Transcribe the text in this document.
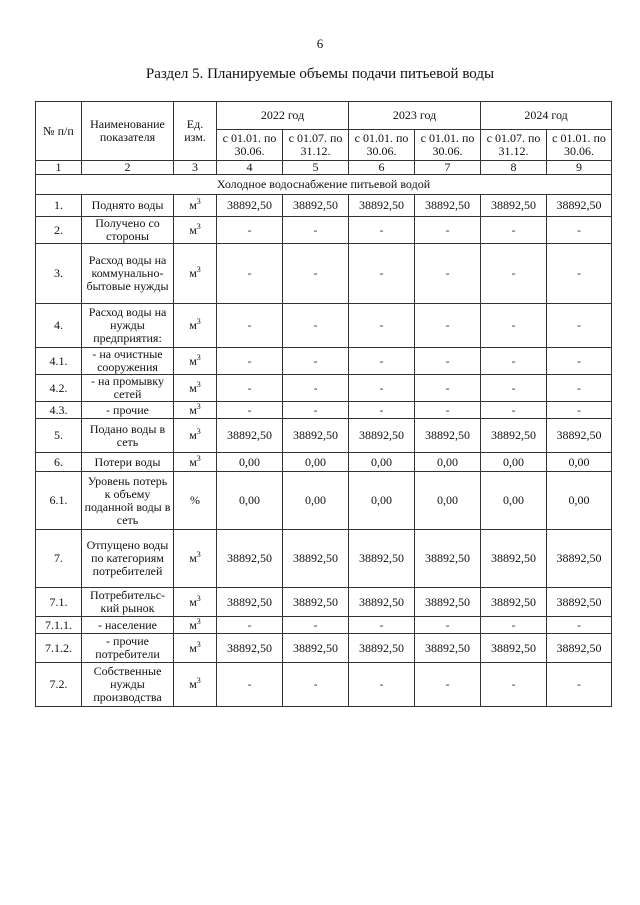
6
Раздел 5. Планируемые объемы подачи питьевой воды
№ п/п	Наименование показателя	Ед. изм.	2022 год		2023 год		2024 год	
			с 01.01. по 30.06.	с 01.07. по 31.12.	с 01.01. по 30.06.	с 01.01. по 30.06.	с 01.07. по 31.12.	с 01.01. по 30.06.
1	2	3	4	5	6	7	8	9
Холодное водоснабжение питьевой водой								
1.	Поднято воды	$м^3$	38892,50	38892,50	38892,50	38892,50	38892,50	38892,50
2.	Получено со стороны	$м^3$	-	-	-	-	-	-
3.	Расход воды на коммунально-бытовые нужды	$м^3$	-	-	-	-	-	-
4.	Расход воды на нужды предприятия:	$м^3$	-	-	-	-	-	-
4.1.	- на очистные сооружения	$м^3$	-	-	-	-	-	-
4.2.	- на промывку сетей	$м^3$	-	-	-	-	-	-
4.3.	- прочие	$м^3$	-	-	-	-	-	-
5.	Подано воды в сеть	$м^3$	38892,50	38892,50	38892,50	38892,50	38892,50	38892,50
6.	Потери воды	$м^3$	0,00	0,00	0,00	0,00	0,00	0,00
6.1.	Уровень потерь к объему поданной воды в сеть	%	0,00	0,00	0,00	0,00	0,00	0,00
7.	Отпущено воды по категориям потребителей	$м^3$	38892,50	38892,50	38892,50	38892,50	38892,50	38892,50
7.1.	Потребительс-кий рынок	$м^3$	38892,50	38892,50	38892,50	38892,50	38892,50	38892,50
7.1.1.	- население	$м^3$	-	-	-	-	-	-
7.1.2.	- прочие потребители	$м^3$	38892,50	38892,50	38892,50	38892,50	38892,50	38892,50
7.2.	Собственные нужды производства	$м^3$	-	-	-	-	-	-
